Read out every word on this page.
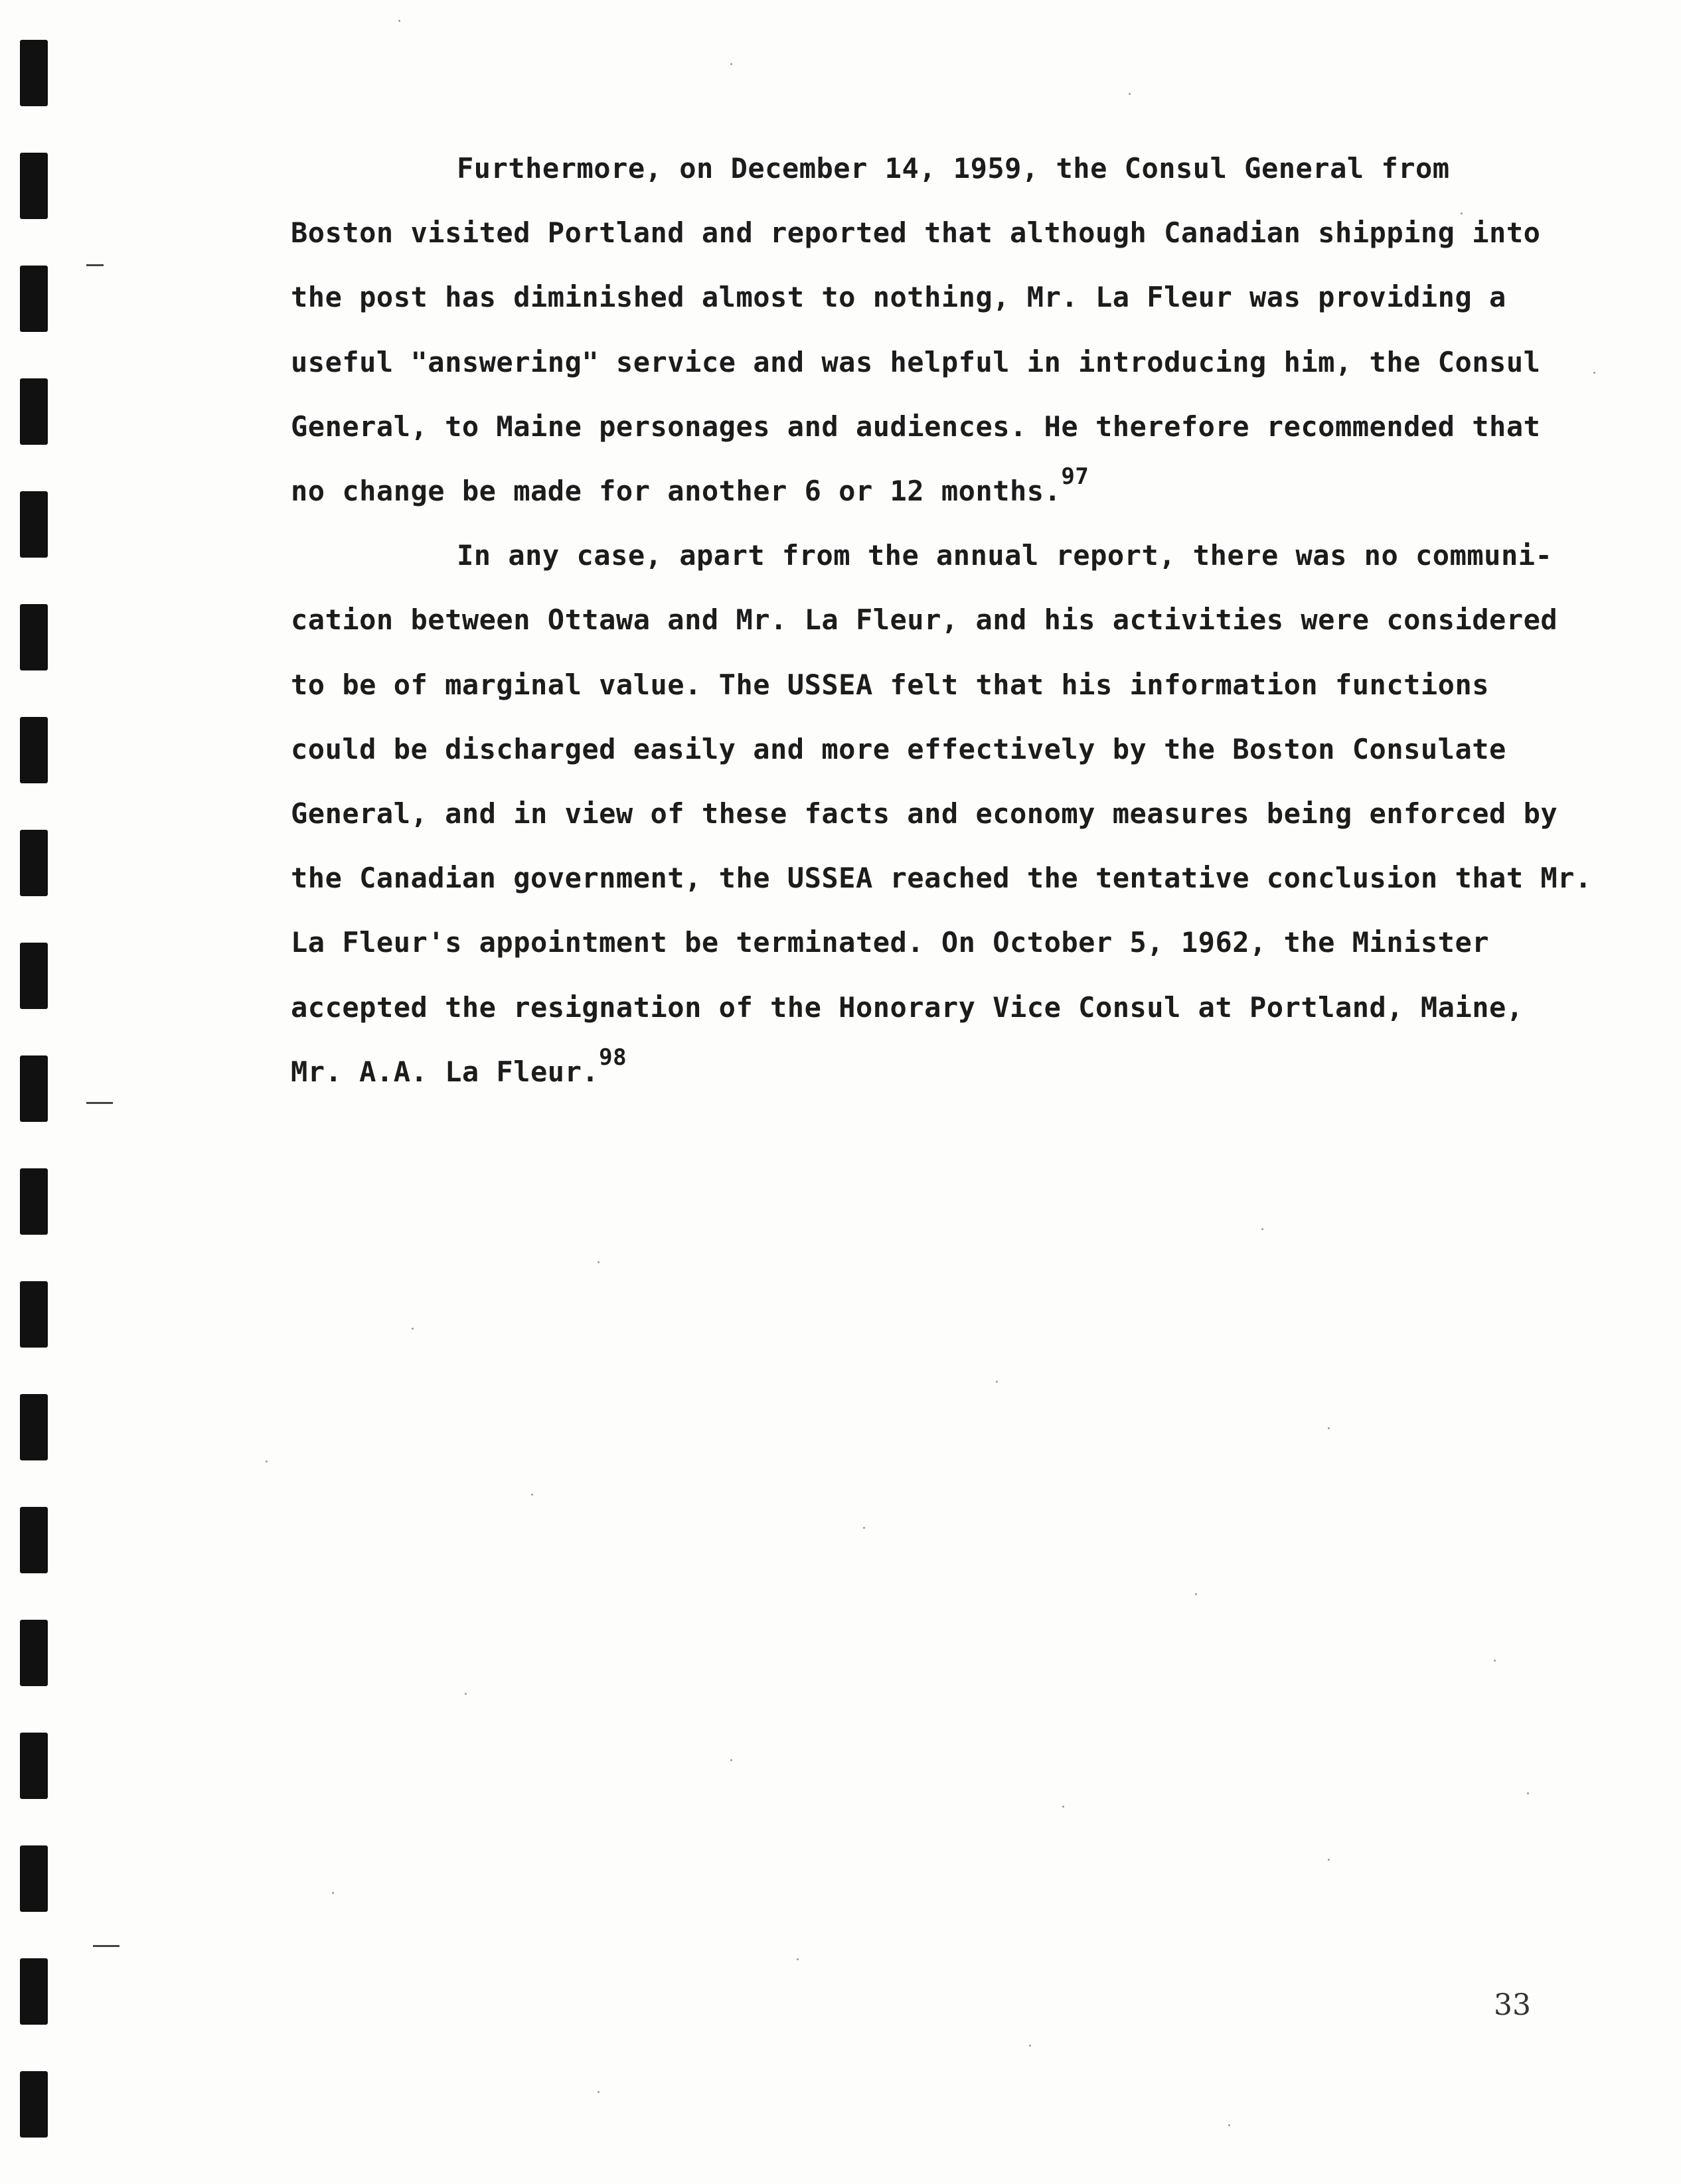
Furthermore, on December 14, 1959, the Consul General from
Boston visited Portland and reported that although Canadian shipping into
the post has diminished almost to nothing, Mr. La Fleur was providing a
useful "answering" service and was helpful in introducing him, the Consul
General, to Maine personages and audiences. He therefore recommended that
no change be made for another 6 or 12 months.$^{97}$
In any case, apart from the annual report, there was no communi-
cation between Ottawa and Mr. La Fleur, and his activities were considered
to be of marginal value. The USSEA felt that his information functions
could be discharged easily and more effectively by the Boston Consulate
General, and in view of these facts and economy measures being enforced by
the Canadian government, the USSEA reached the tentative conclusion that Mr.
La Fleur's appointment be terminated. On October 5, 1962, the Minister
accepted the resignation of the Honorary Vice Consul at Portland, Maine,
Mr. A.A. La Fleur.$^{98}$
33
